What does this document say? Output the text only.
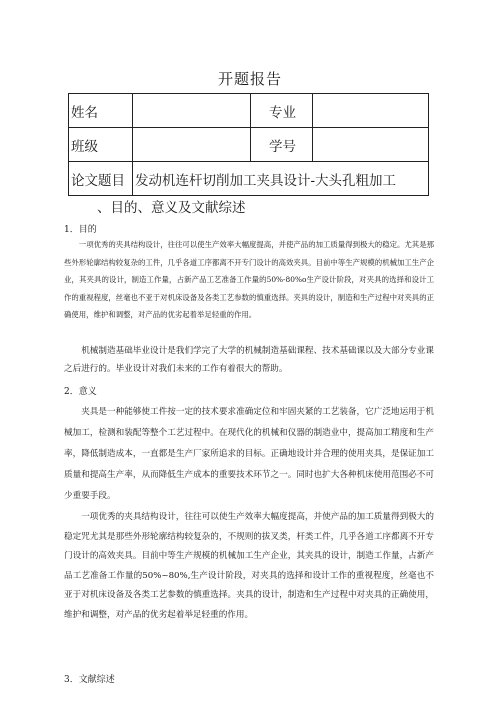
开题报告
姓名		专业	
班级		学号	
论文题目	发动机连杆切削加工夹具设计-大头孔粗加工		
、目的、意义及文献综述
1．目的
一项优秀的夹具结构设计，往往可以使生产效率大幅度提高，并使产品的加工质量得到极大的稳定。尤其是那些外形轮廓结构较复杂的工件，几乎各道工序都离不开专门设计的高效夹具。目前中等生产规模的机械加工生产企业，其夹具的设计，制造工作量，占新产品工艺准备工作量的50%-80%o生产设计阶段，对夹具的选择和设计工作的重视程度，丝毫也不亚于对机床设备及各类工艺参数的慎重选择。夹具的设计，制造和生产过程中对夹具的正确使用，维护和调整，对产品的优劣起着举足轻重的作用。
机械制造基础毕业设计是我们学完了大学的机械制造基础课程、技术基础课以及大部分专业课之后进行的。毕业设计对我们未来的工作有着很大的帮助。
2．意义
夹具是一种能够使工件按一定的技术要求准确定位和牢固夹紧的工艺装备，它广泛地运用于机械加工，检测和装配等整个工艺过程中。在现代化的机械和仪器的制造业中，提高加工精度和生产率，降低制造成本，一直都是生产厂家所追求的目标。正确地设计并合理的使用夹具，是保证加工质量和提高生产率，从而降低生产成本的重要技术环节之一。同时也扩大各种机床使用范围必不可少重要手段。
一项优秀的夹具结构设计，往往可以使生产效率大幅度提高，并使产品的加工质量得到极大的稳定咒尤其是那些外形轮廓结构较复杂的，不规则的拔叉类，杆类工件，几乎各道工序都离不开专门设计的高效夹具。目前中等生产规模的机械加工生产企业，其夹具的设计，制造工作量，占新产品工艺准备工作量的50%~80%,生产设计阶段，对夹具的选择和设计工作的重视程度，丝毫也不亚于对机床设备及各类工艺参数的慎重选择。夹具的设计，制造和生产过程中对夹具的正确使用，维护和调整，对产品的优劣起着举足轻重的作用。
3．文献综述
